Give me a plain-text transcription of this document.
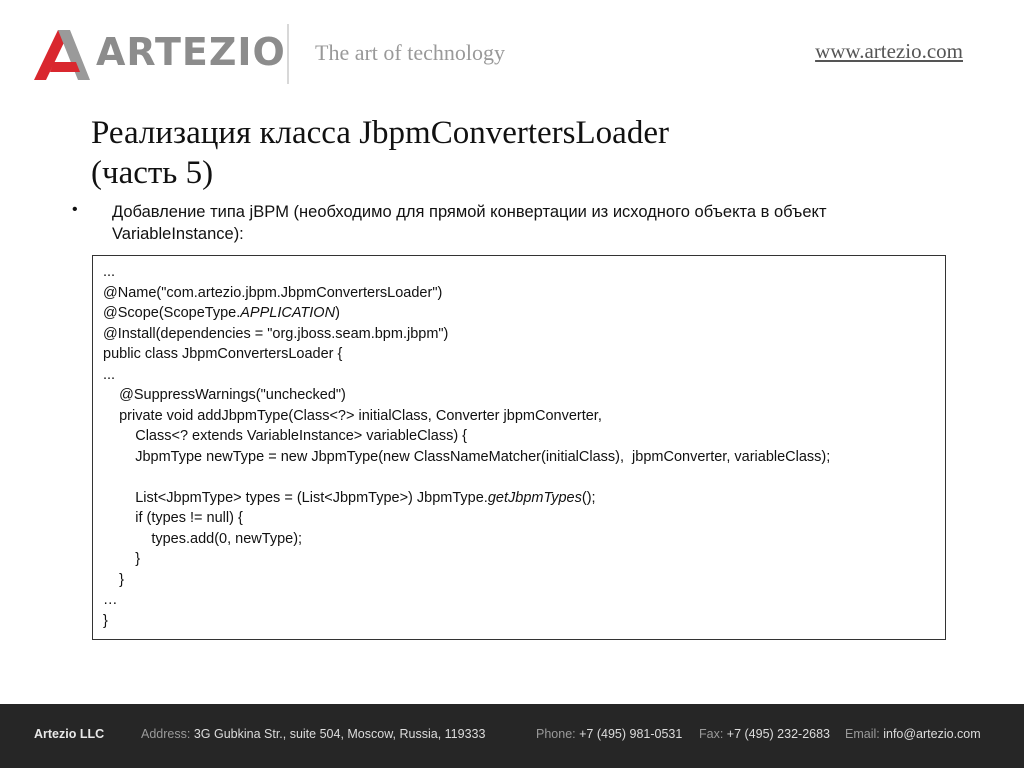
ARTEZIO The art of technology	www.artezio.com
Реализация класса JbpmConvertersLoader
(часть 5)
• Добавление типа jBPM (необходимо для прямой конвертации из исходного объекта в объект VariableInstance):
...
@Name("com.artezio.jbpm.JbpmConvertersLoader")
@Scope(ScopeType.APPLICATION)
@Install(dependencies = "org.jboss.seam.bpm.jbpm")
public class JbpmConvertersLoader {
...
@SuppressWarnings("unchecked")
private void addJbpmType(Class<?> initialClass, Converter jbpmConverter,
Class<? extends VariableInstance> variableClass) {
JbpmType newType = new JbpmType(new ClassNameMatcher(initialClass),  jbpmConverter, variableClass);
List<JbpmType> types = (List<JbpmType>) JbpmType.getJbpmTypes();
if (types != null) {
types.add(0, newType);
}
}
…
}
Artezio LLC	Address: 3G Gubkina Str., suite 504, Moscow, Russia, 119333	Phone: +7 (495) 981-0531 Fax: +7 (495) 232-2683 Email: info@artezio.com
